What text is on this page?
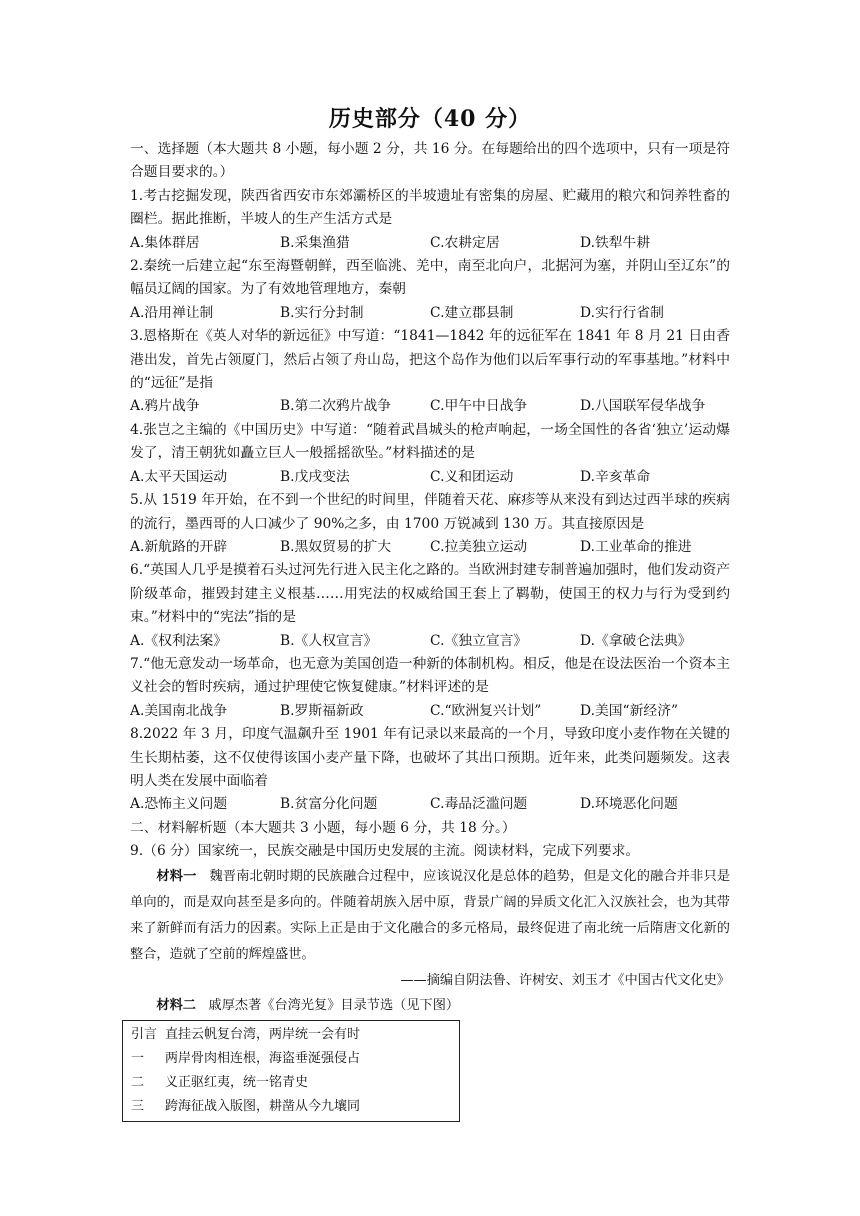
历史部分（40 分）

一、选择题（本大题共 8 小题，每小题 2 分，共 16 分。在每题给出的四个选项中，只有一项是符合题目要求的。）

1.考古挖掘发现，陕西省西安市东郊灞桥区的半坡遗址有密集的房屋、贮藏用的粮穴和饲养牲畜的圈栏。据此推断，半坡人的生产生活方式是

A.集体群居	B.采集渔猎	C.农耕定居	D.铁犁牛耕

2.秦统一后建立起“东至海暨朝鲜，西至临洮、羌中，南至北向户，北据河为塞，并阴山至辽东”的幅员辽阔的国家。为了有效地管理地方，秦朝

A.沿用禅让制	B.实行分封制	C.建立郡县制	D.实行行省制

3.恩格斯在《英人对华的新远征》中写道：“1841—1842 年的远征军在 1841 年 8 月 21 日由香港出发，首先占领厦门，然后占领了舟山岛，把这个岛作为他们以后军事行动的军事基地。”材料中的“远征”是指

A.鸦片战争	B.第二次鸦片战争	C.甲午中日战争	D.八国联军侵华战争

4.张岂之主编的《中国历史》中写道：“随着武昌城头的枪声响起，一场全国性的各省‘独立’运动爆发了，清王朝犹如矗立巨人一般摇摇欲坠。”材料描述的是

A.太平天国运动	B.戊戌变法	C.义和团运动	D.辛亥革命

5.从 1519 年开始，在不到一个世纪的时间里，伴随着天花、麻疹等从来没有到达过西半球的疾病的流行，墨西哥的人口减少了 90%之多，由 1700 万锐减到 130 万。其直接原因是

A.新航路的开辟	B.黑奴贸易的扩大	C.拉美独立运动	D.工业革命的推进

6.“英国人几乎是摸着石头过河先行进入民主化之路的。当欧洲封建专制普遍加强时，他们发动资产阶级革命，摧毁封建主义根基……用宪法的权威给国王套上了羁勒，使国王的权力与行为受到约束。”材料中的“宪法”指的是

A.《权利法案》	B.《人权宣言》	C.《独立宣言》	D.《拿破仑法典》

7.“他无意发动一场革命，也无意为美国创造一种新的体制机构。相反，他是在设法医治一个资本主义社会的暂时疾病，通过护理使它恢复健康。”材料评述的是

A.美国南北战争	B.罗斯福新政	C.“欧洲复兴计划”	D.美国“新经济”

8.2022 年 3 月，印度气温飙升至 1901 年有记录以来最高的一个月，导致印度小麦作物在关键的生长期枯萎，这不仅使得该国小麦产量下降，也破坏了其出口预期。近年来，此类问题频发。这表明人类在发展中面临着

A.恐怖主义问题	B.贫富分化问题	C.毒品泛滥问题	D.环境恶化问题

二、材料解析题（本大题共 3 小题，每小题 6 分，共 18 分。）

9.（6 分）国家统一，民族交融是中国历史发展的主流。阅读材料，完成下列要求。

材料一 魏晋南北朝时期的民族融合过程中，应该说汉化是总体的趋势，但是文化的融合并非只是单向的，而是双向甚至是多向的。伴随着胡族入居中原，背景广阔的异质文化汇入汉族社会，也为其带来了新鲜而有活力的因素。实际上正是由于文化融合的多元格局，最终促进了南北统一后隋唐文化新的整合，造就了空前的辉煌盛世。

——摘编自阴法鲁、许树安、刘玉才《中国古代文化史》
材料二 戚厚杰著《台湾光复》目录节选（见下图）
引言 直挂云帆复台湾，两岸统一会有时
一 两岸骨肉相连根，海盗垂涎强侵占
二 义正驱红夷，统一铭青史
三 跨海征战入版图，耕凿从今九壤同
